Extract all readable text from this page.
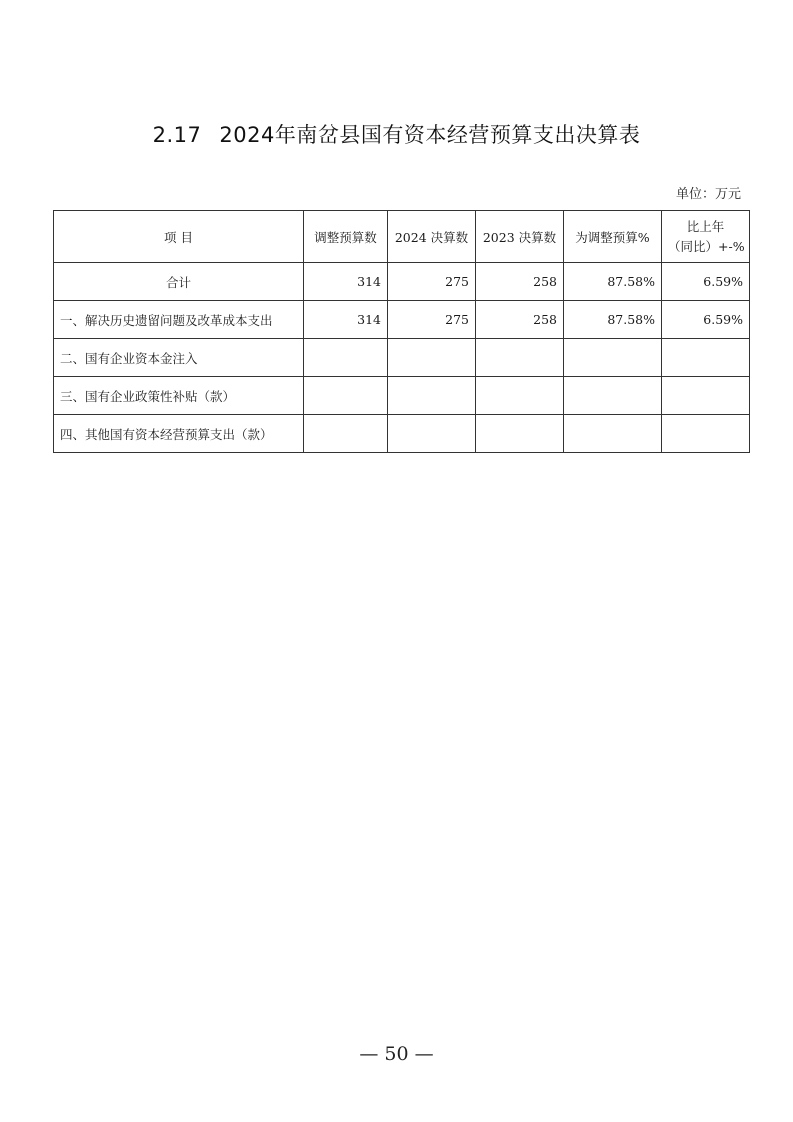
2.17 2024年南岔县国有资本经营预算支出决算表
单位：万元
项 目	调整预算数	2024 决算数	2023 决算数	为调整预算%	比上年
（同比）+-%

合计	314	275	258	87.58%	6.59%
一、解决历史遗留问题及改革成本支出	314	275	258	87.58%	6.59%
二、国有企业资本金注入					
三、国有企业政策性补贴（款）					
四、其他国有资本经营预算支出（款）					
— 50 —
